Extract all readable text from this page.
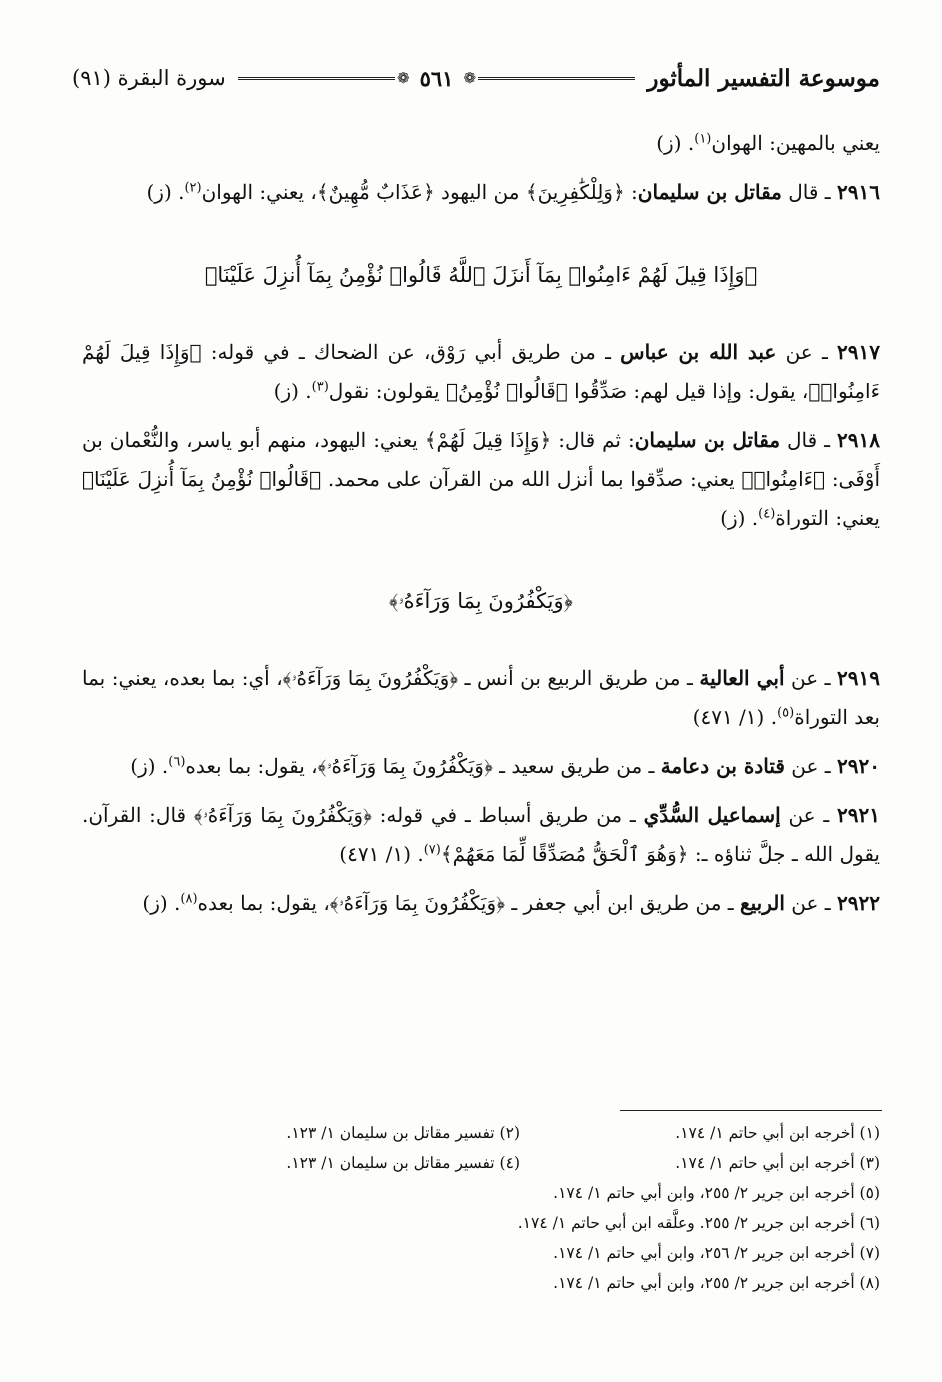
موسوعة التفسير المأثور
❁
٥٦١
❁
سورة البقرة (٩١)

يعني بالمهين: الهوان$^{(١)}$. (ز)

٢٩١٦ ـ قال مقاتل بن سليمان: ﴿وَلِلْكَٰفِرِينَ﴾ من اليهود ﴿عَذَابٌ مُّهِينٌ﴾، يعني: الهوان$^{(٢)}$. (ز)

﴿وَإِذَا قِيلَ لَهُمْ ءَامِنُوا۟ بِمَآ أَنزَلَ ٱللَّهُ قَالُوا۟ نُؤْمِنُ بِمَآ أُنزِلَ عَلَيْنَا﴾

٢٩١٧ ـ عن عبد الله بن عباس ـ من طريق أبي رَوْق، عن الضحاك ـ في قوله: ﴿وَإِذَا قِيلَ لَهُمْ ءَامِنُوا۟﴾، يقول: وإذا قيل لهم: صَدِّقُوا ﴿قَالُوا۟ نُؤْمِنُ﴾ يقولون: نقول$^{(٣)}$. (ز)

٢٩١٨ ـ قال مقاتل بن سليمان: ثم قال: ﴿وَإِذَا قِيلَ لَهُمْ﴾ يعني: اليهود، منهم أبو ياسر، والنُّعْمان بن أَوْفَى: ﴿ءَامِنُوا۟﴾ يعني: صدِّقوا بما أنزل الله من القرآن على محمد. ﴿قَالُوا۟ نُؤْمِنُ بِمَآ أُنزِلَ عَلَيْنَا﴾ يعني: التوراة$^{(٤)}$. (ز)

﴿وَيَكْفُرُونَ بِمَا وَرَآءَهُۥ﴾

٢٩١٩ ـ عن أبي العالية ـ من طريق الربيع بن أنس ـ ﴿وَيَكْفُرُونَ بِمَا وَرَآءَهُۥ﴾، أي: بما بعده، يعني: بما بعد التوراة$^{(٥)}$. (١/ ٤٧١)

٢٩٢٠ ـ عن قتادة بن دعامة ـ من طريق سعيد ـ ﴿وَيَكْفُرُونَ بِمَا وَرَآءَهُۥ﴾، يقول: بما بعده$^{(٦)}$. (ز)

٢٩٢١ ـ عن إسماعيل السُّدِّي ـ من طريق أسباط ـ في قوله: ﴿وَيَكْفُرُونَ بِمَا وَرَآءَهُۥ﴾ قال: القرآن. يقول الله ـ جلَّ ثناؤه ـ: ﴿وَهُوَ ٱلْحَقُّ مُصَدِّقًا لِّمَا مَعَهُمْ﴾$^{(٧)}$. (١/ ٤٧١)

٢٩٢٢ ـ عن الربيع ـ من طريق ابن أبي جعفر ـ ﴿وَيَكْفُرُونَ بِمَا وَرَآءَهُۥ﴾، يقول: بما بعده$^{(٨)}$. (ز)

(١) أخرجه ابن أبي حاتم ١/ ١٧٤.
(٢) تفسير مقاتل بن سليمان ١/ ١٢٣.
(٣) أخرجه ابن أبي حاتم ١/ ١٧٤.
(٤) تفسير مقاتل بن سليمان ١/ ١٢٣.
(٥) أخرجه ابن جرير ٢/ ٢٥٥، وابن أبي حاتم ١/ ١٧٤.
(٦) أخرجه ابن جرير ٢/ ٢٥٥. وعلَّقه ابن أبي حاتم ١/ ١٧٤.
(٧) أخرجه ابن جرير ٢/ ٢٥٦، وابن أبي حاتم ١/ ١٧٤.
(٨) أخرجه ابن جرير ٢/ ٢٥٥، وابن أبي حاتم ١/ ١٧٤.
